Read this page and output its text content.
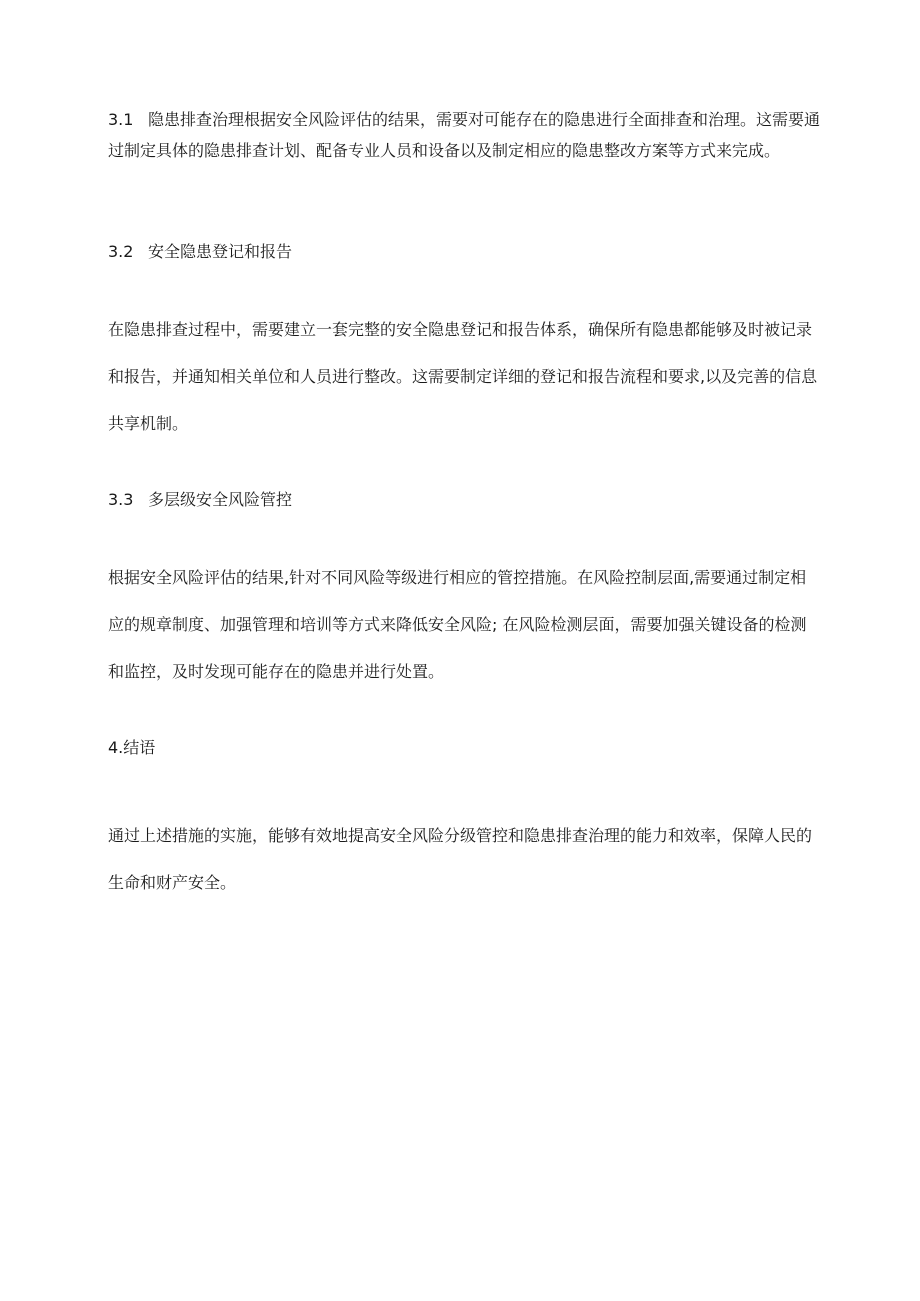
3.1 隐患排查治理根据安全风险评估的结果，需要对可能存在的隐患进行全面排查和治理。这需要通过制定具体的隐患排查计划、配备专业人员和设备以及制定相应的隐患整改方案等方式来完成。

3.2 安全隐患登记和报告

在隐患排查过程中，需要建立一套完整的安全隐患登记和报告体系，确保所有隐患都能够及时被记录和报告，并通知相关单位和人员进行整改。这需要制定详细的登记和报告流程和要求,以及完善的信息共享机制。

3.3 多层级安全风险管控

根据安全风险评估的结果,针对不同风险等级进行相应的管控措施。在风险控制层面,需要通过制定相应的规章制度、加强管理和培训等方式来降低安全风险; 在风险检测层面，需要加强关键设备的检测和监控，及时发现可能存在的隐患并进行处置。

4.结语

通过上述措施的实施，能够有效地提高安全风险分级管控和隐患排查治理的能力和效率，保障人民的生命和财产安全。
